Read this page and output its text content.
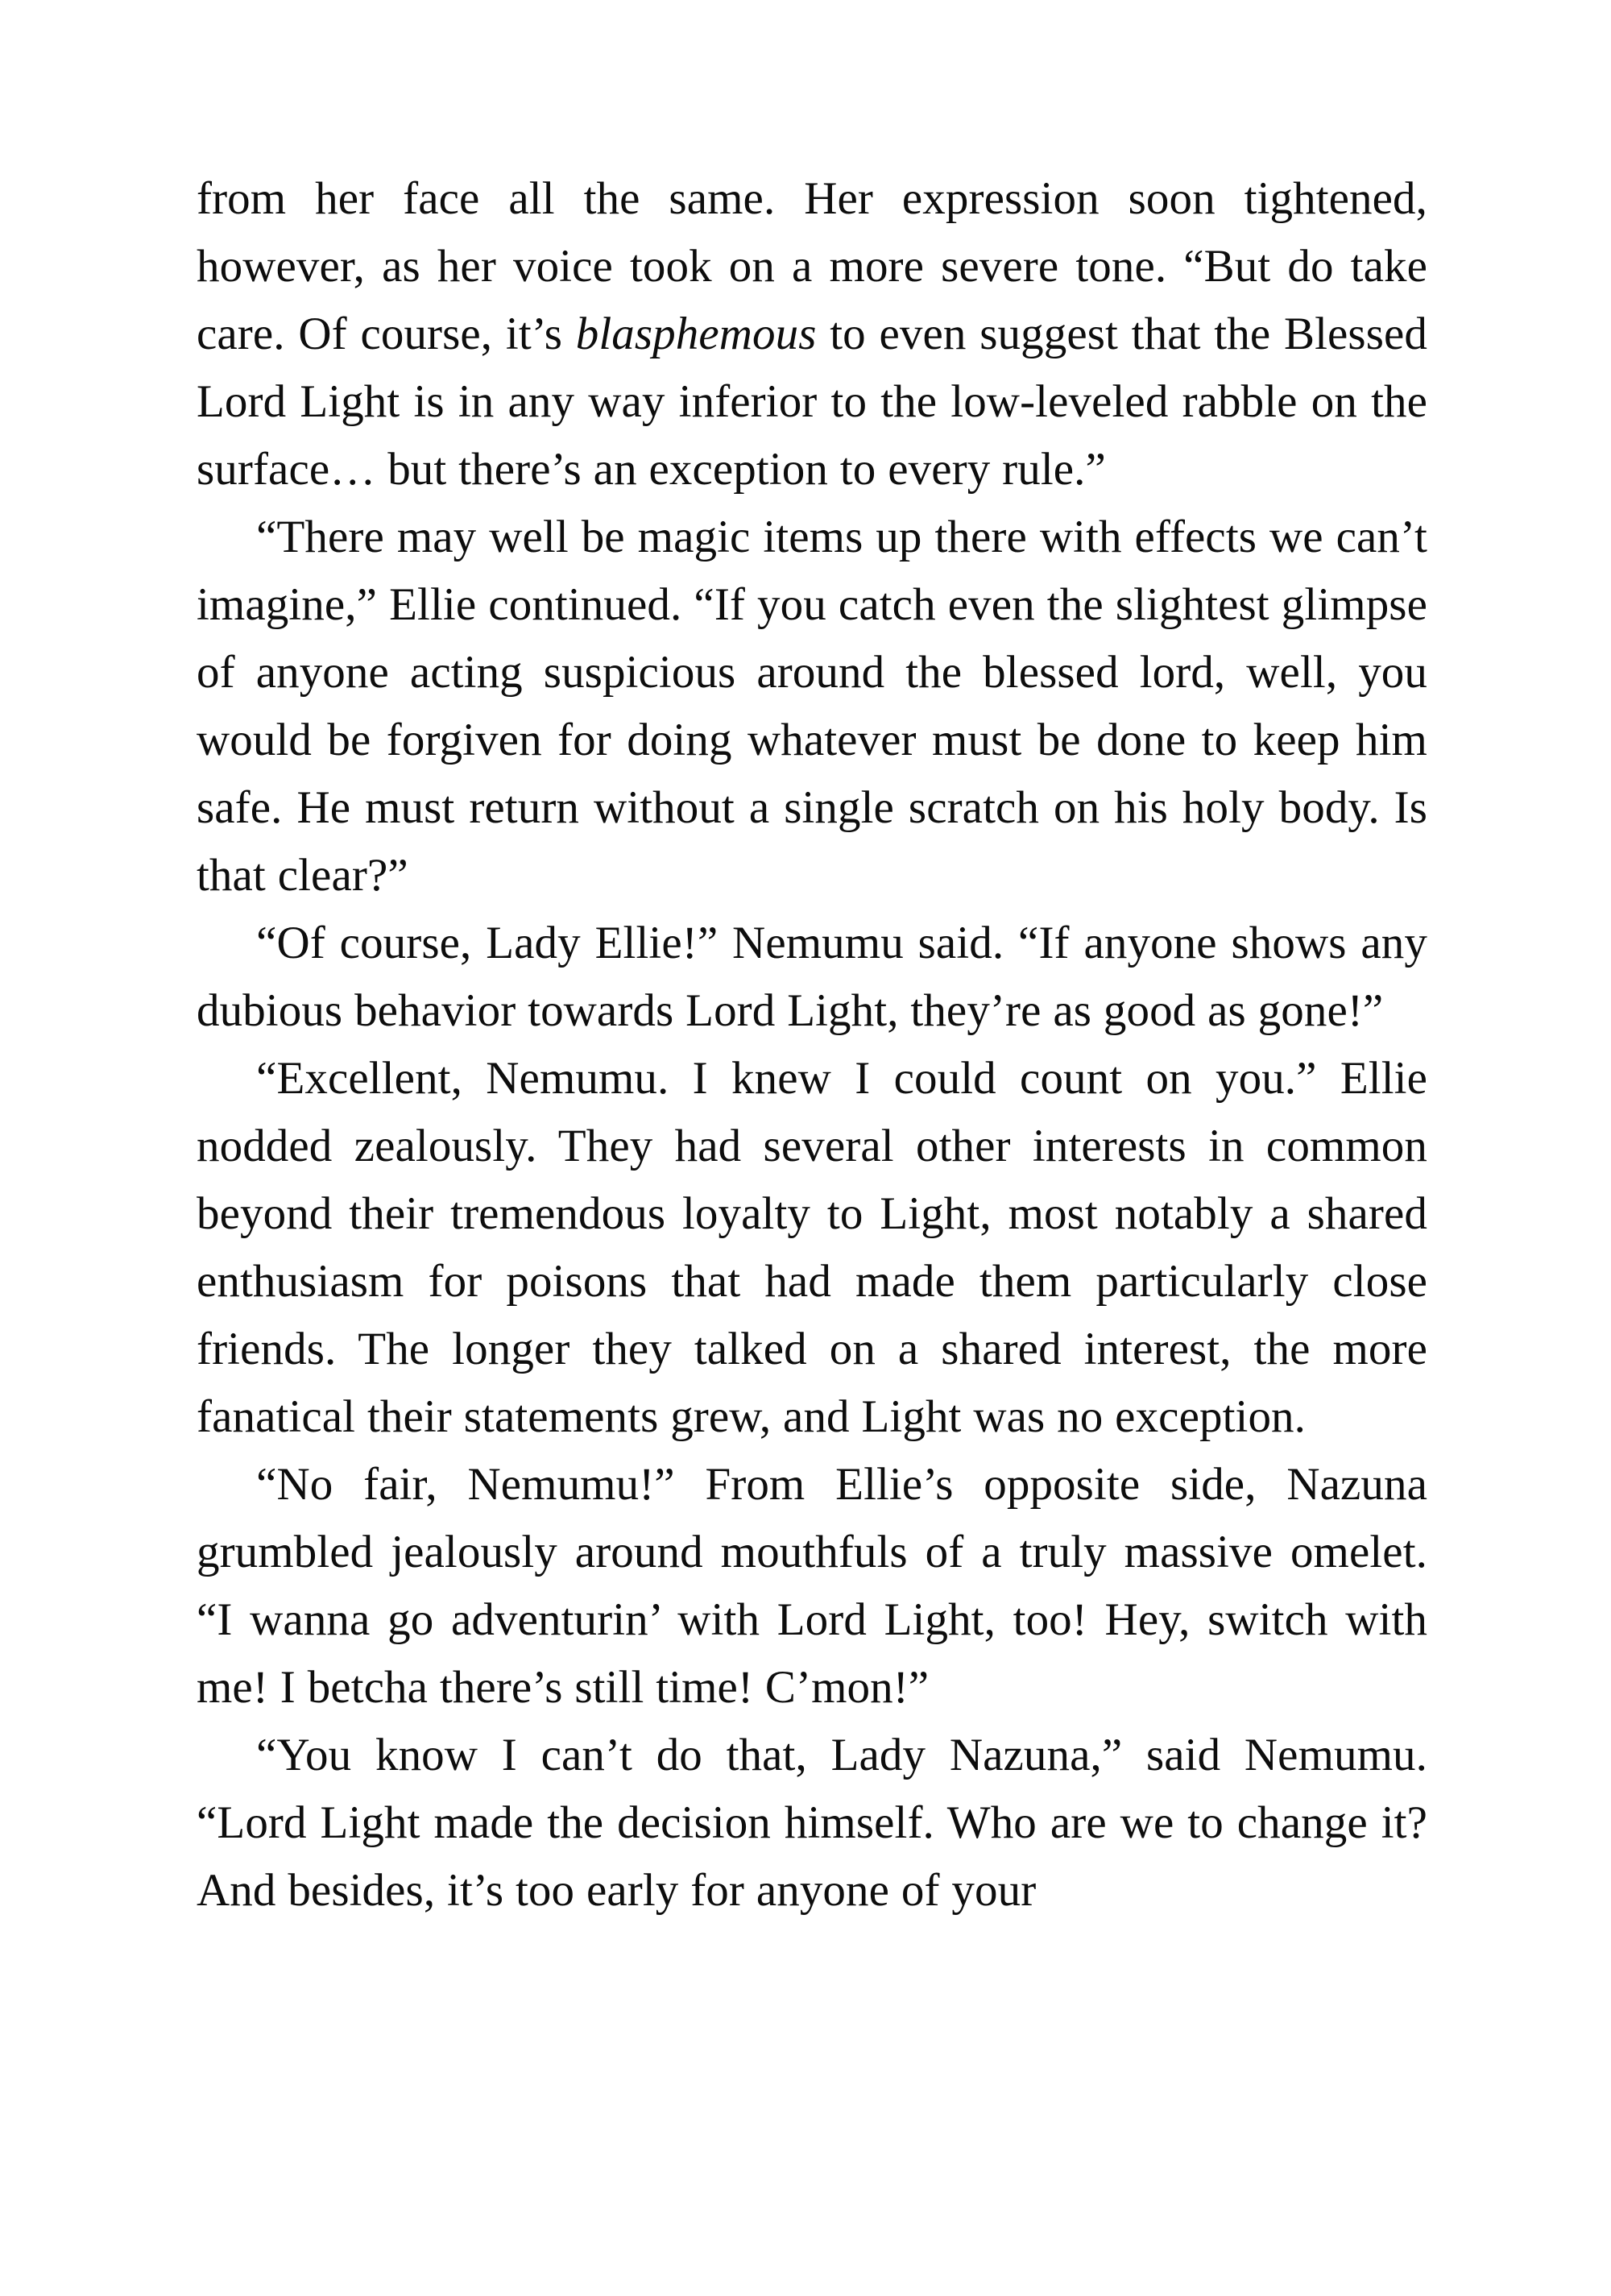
from her face all the same. Her expression soon tightened, however, as her voice took on a more severe tone. “But do take care. Of course, it’s blasphemous to even suggest that the Blessed Lord Light is in any way inferior to the low-leveled rabble on the surface… but there’s an exception to every rule.”

“There may well be magic items up there with effects we can’t imagine,” Ellie continued. “If you catch even the slightest glimpse of anyone acting suspicious around the blessed lord, well, you would be forgiven for doing whatever must be done to keep him safe. He must return without a single scratch on his holy body. Is that clear?”

“Of course, Lady Ellie!” Nemumu said. “If anyone shows any dubious behavior towards Lord Light, they’re as good as gone!”

“Excellent, Nemumu. I knew I could count on you.” Ellie nodded zealously. They had several other interests in common beyond their tremendous loyalty to Light, most notably a shared enthusiasm for poisons that had made them particularly close friends. The longer they talked on a shared interest, the more fanatical their statements grew, and Light was no exception.

“No fair, Nemumu!” From Ellie’s opposite side, Nazuna grumbled jealously around mouthfuls of a truly massive omelet. “I wanna go adventurin’ with Lord Light, too! Hey, switch with me! I betcha there’s still time! C’mon!”

“You know I can’t do that, Lady Nazuna,” said Nemumu. “Lord Light made the decision himself. Who are we to change it? And besides, it’s too early for anyone of your
